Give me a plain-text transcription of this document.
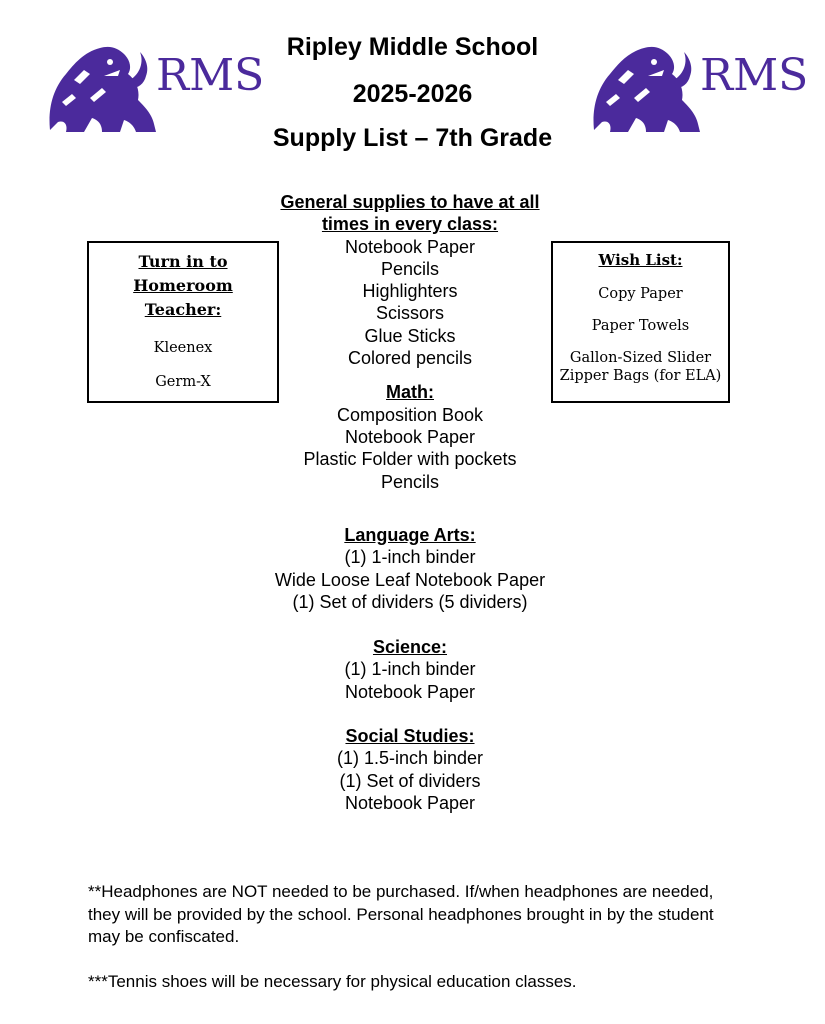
RMS	RMS
Ripley Middle School
2025-2026
Supply List – 7th Grade
General supplies to have at all
times in every class:
Notebook Paper
Pencils
Highlighters
Scissors
Glue Sticks
Colored pencils
Math:
Composition Book
Notebook Paper
Plastic Folder with pockets
Pencils
Language Arts:
(1) 1-inch binder
Wide Loose Leaf Notebook Paper
(1) Set of dividers (5 dividers)
Science:
(1) 1-inch binder
Notebook Paper
Social Studies:
(1) 1.5-inch binder
(1) Set of dividers
Notebook Paper
Turn in to
Homeroom
Teacher:
Kleenex
Germ-X
Wish List:
Copy Paper
Paper Towels
Gallon-Sized Slider
Zipper Bags (for ELA)
**Headphones are NOT needed to be purchased. If/when headphones are needed, they will be provided by the school. Personal headphones brought in by the student may be confiscated.
***Tennis shoes will be necessary for physical education classes.
